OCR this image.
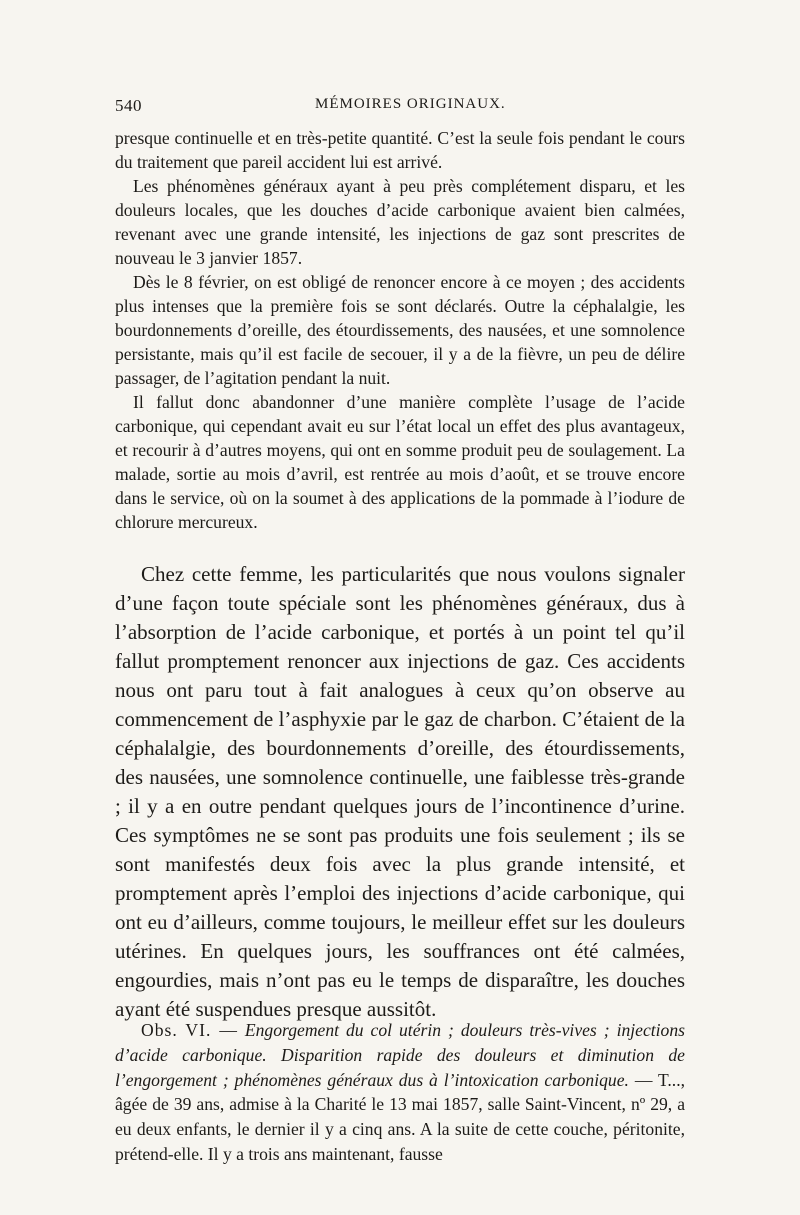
540	MÉMOIRES ORIGINAUX.

presque continuelle et en très-petite quantité. C’est la seule fois pendant le cours du traitement que pareil accident lui est arrivé.

Les phénomènes généraux ayant à peu près complétement disparu, et les douleurs locales, que les douches d’acide carbonique avaient bien calmées, revenant avec une grande intensité, les injections de gaz sont prescrites de nouveau le 3 janvier 1857.

Dès le 8 février, on est obligé de renoncer encore à ce moyen ; des accidents plus intenses que la première fois se sont déclarés. Outre la céphalalgie, les bourdonnements d’oreille, des étourdissements, des nausées, et une somnolence persistante, mais qu’il est facile de secouer, il y a de la fièvre, un peu de délire passager, de l’agitation pendant la nuit.

Il fallut donc abandonner d’une manière complète l’usage de l’acide carbonique, qui cependant avait eu sur l’état local un effet des plus avantageux, et recourir à d’autres moyens, qui ont en somme produit peu de soulagement. La malade, sortie au mois d’avril, est rentrée au mois d’août, et se trouve encore dans le service, où on la soumet à des applications de la pommade à l’iodure de chlorure mercureux.

Chez cette femme, les particularités que nous voulons signaler d’une façon toute spéciale sont les phénomènes généraux, dus à l’absorption de l’acide carbonique, et portés à un point tel qu’il fallut promptement renoncer aux injections de gaz. Ces accidents nous ont paru tout à fait analogues à ceux qu’on observe au commencement de l’asphyxie par le gaz de charbon. C’étaient de la céphalalgie, des bourdonnements d’oreille, des étourdissements, des nausées, une somnolence continuelle, une faiblesse très-grande ; il y a en outre pendant quelques jours de l’incontinence d’urine. Ces symptômes ne se sont pas produits une fois seulement ; ils se sont manifestés deux fois avec la plus grande intensité, et promptement après l’emploi des injections d’acide carbonique, qui ont eu d’ailleurs, comme toujours, le meilleur effet sur les douleurs utérines. En quelques jours, les souffrances ont été calmées, engourdies, mais n’ont pas eu le temps de disparaître, les douches ayant été suspendues presque aussitôt.

Obs. VI. — Engorgement du col utérin ; douleurs très-vives ; injections d’acide carbonique. Disparition rapide des douleurs et diminution de l’engorgement ; phénomènes généraux dus à l’intoxication carbonique. — T..., âgée de 39 ans, admise à la Charité le 13 mai 1857, salle Saint-Vincent, nº 29, a eu deux enfants, le dernier il y a cinq ans. A la suite de cette couche, péritonite, prétend-elle. Il y a trois ans maintenant, fausse
